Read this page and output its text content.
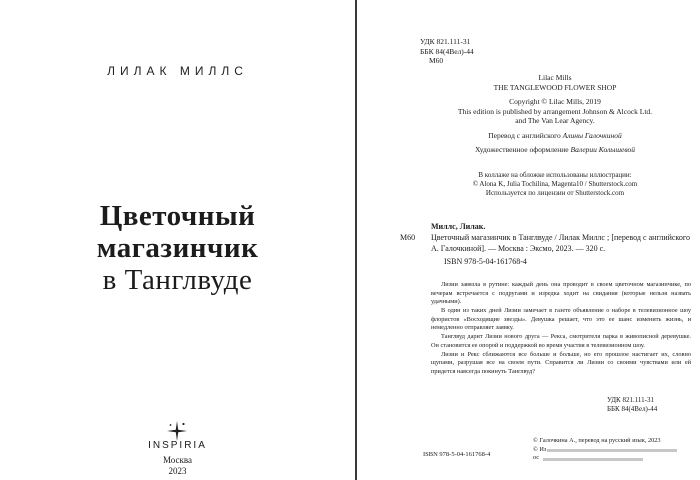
ЛИЛАК МИЛЛС
Цветочный
магазинчик
в Танглвуде
INSPIRIA
Москва
2023
УДК 821.111-31
ББК 84(4Вел)-44
М60
Lilac Mills
THE TANGLEWOOD FLOWER SHOP
Copyright © Lilac Mills, 2019
This edition is published by arrangement Johnson & Alcock Ltd.
and The Van Lear Agency.
Перевод с английского Алины Галочкиной
Художественное оформление Валерии Колышевой
В коллаже на обложке использованы иллюстрации:
© Alona K, Julia Tochilina, Magenta10 / Shutterstock.com
Используется по лицензии от Shutterstock.com
Миллс, Лилак.
М60	Цветочный магазинчик в Танглвуде / Лилак Миллс ; [перевод с английского А. Галочкиной]. — Москва : Эксмо, 2023. — 320 с.
ISBN 978-5-04-161768-4

Лизии завязла в рутине: каждый день она проводит в своем цветочном магазинчике, по вечерам встречается с подругами и изредка ходит на свидания (которые нельзя назвать удачными).

В один из таких дней Лизии замечает в газете объявление о наборе в телевизионное шоу флористов «Восходящие звезды». Девушка решает, что это ее шанс изменить жизнь, и немедленно отправляет заявку.

Танглвуд дарит Лизии нового друга — Рекса, смотрителя парка в живописной деревушке. Он становится ее опорой и поддержкой во время участия в телевизионном шоу.

Лизии и Рекс сближаются все больше и больше, но его прошлое настигает их, словно щупами, разрушая все на своем пути. Справится ли Лизии со своими чувствами или ей придется навсегда покинуть Танглвуд?

УДК 821.111-31
ББК 84(4Вел)-44
ISBN 978-5-04-161768-4
© Галочкина А., перевод на русский язык, 2023
© Из
ос
